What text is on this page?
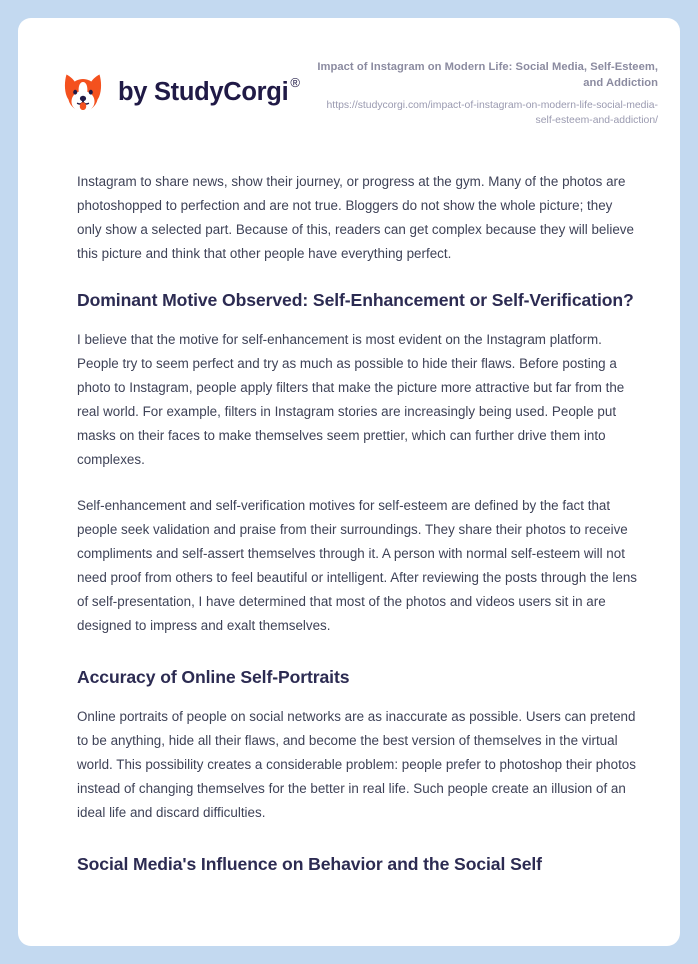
by StudyCorgi ®
Impact of Instagram on Modern Life: Social Media, Self-Esteem, and Addiction
https://studycorgi.com/impact-of-instagram-on-modern-life-social-media-self-esteem-and-addiction/

Instagram to share news, show their journey, or progress at the gym. Many of the photos are photoshopped to perfection and are not true. Bloggers do not show the whole picture; they only show a selected part. Because of this, readers can get complex because they will believe this picture and think that other people have everything perfect.

Dominant Motive Observed: Self-Enhancement or Self-Verification?

I believe that the motive for self-enhancement is most evident on the Instagram platform. People try to seem perfect and try as much as possible to hide their flaws. Before posting a photo to Instagram, people apply filters that make the picture more attractive but far from the real world. For example, filters in Instagram stories are increasingly being used. People put masks on their faces to make themselves seem prettier, which can further drive them into complexes.

Self-enhancement and self-verification motives for self-esteem are defined by the fact that people seek validation and praise from their surroundings. They share their photos to receive compliments and self-assert themselves through it. A person with normal self-esteem will not need proof from others to feel beautiful or intelligent. After reviewing the posts through the lens of self-presentation, I have determined that most of the photos and videos users sit in are designed to impress and exalt themselves.

Accuracy of Online Self-Portraits

Online portraits of people on social networks are as inaccurate as possible. Users can pretend to be anything, hide all their flaws, and become the best version of themselves in the virtual world. This possibility creates a considerable problem: people prefer to photoshop their photos instead of changing themselves for the better in real life. Such people create an illusion of an ideal life and discard difficulties.

Social Media's Influence on Behavior and the Social Self
